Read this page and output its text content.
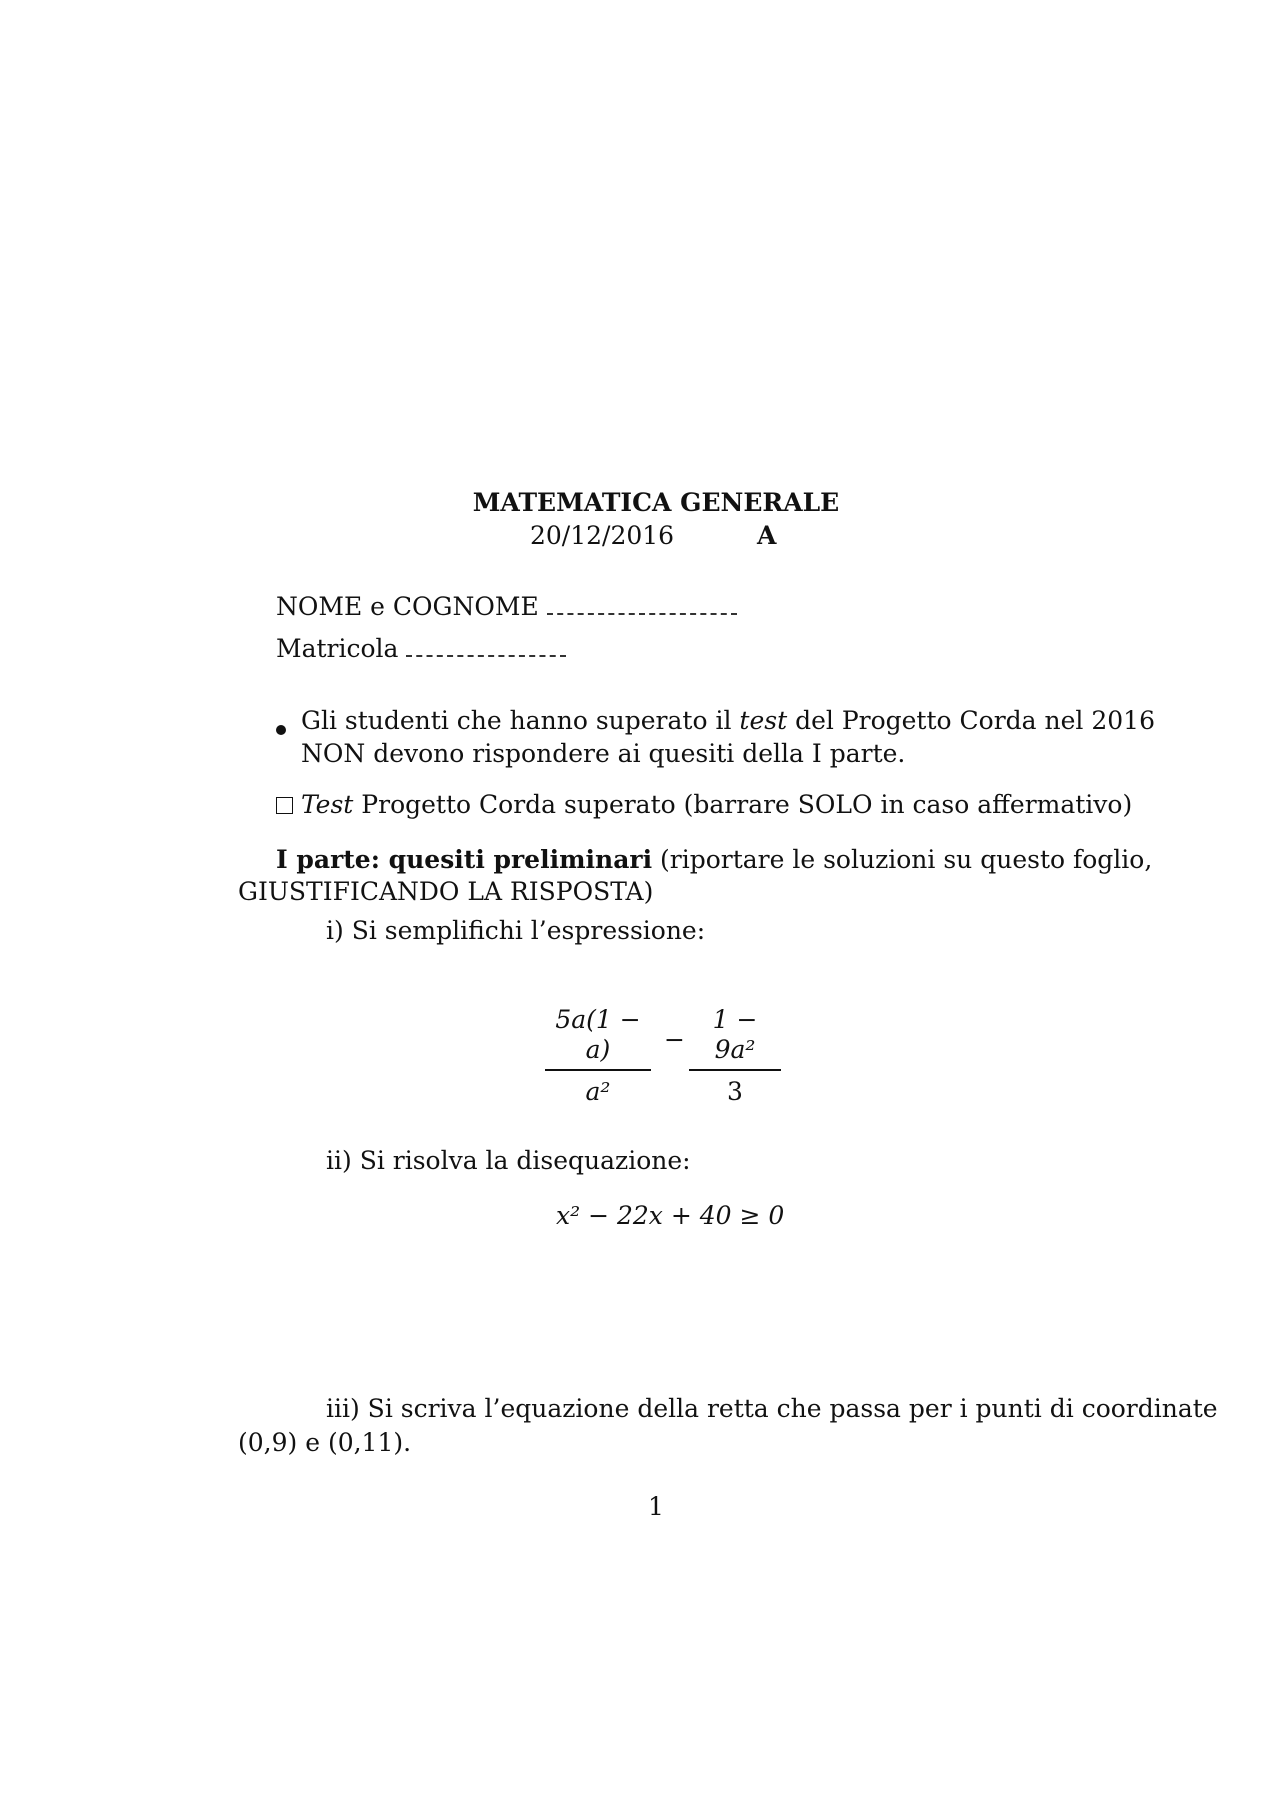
MATEMATICA GENERALE
20/12/2016	A
NOME e COGNOME
Matricola
Gli studenti che hanno superato il test del Progetto Corda nel 2016
NON devono rispondere ai quesiti della I parte.
Test Progetto Corda superato (barrare SOLO in caso affermativo)
I parte: quesiti preliminari (riportare le soluzioni su questo foglio,
GIUSTIFICANDO LA RISPOSTA)
i) Si semplifichi l’espressione:
5a(1 − a)
a²
−
1 − 9a²
3
ii) Si risolva la disequazione:
x² − 22x + 40 ≥ 0
iii) Si scriva l’equazione della retta che passa per i punti di coordinate
(0,9) e (0,11).
1
